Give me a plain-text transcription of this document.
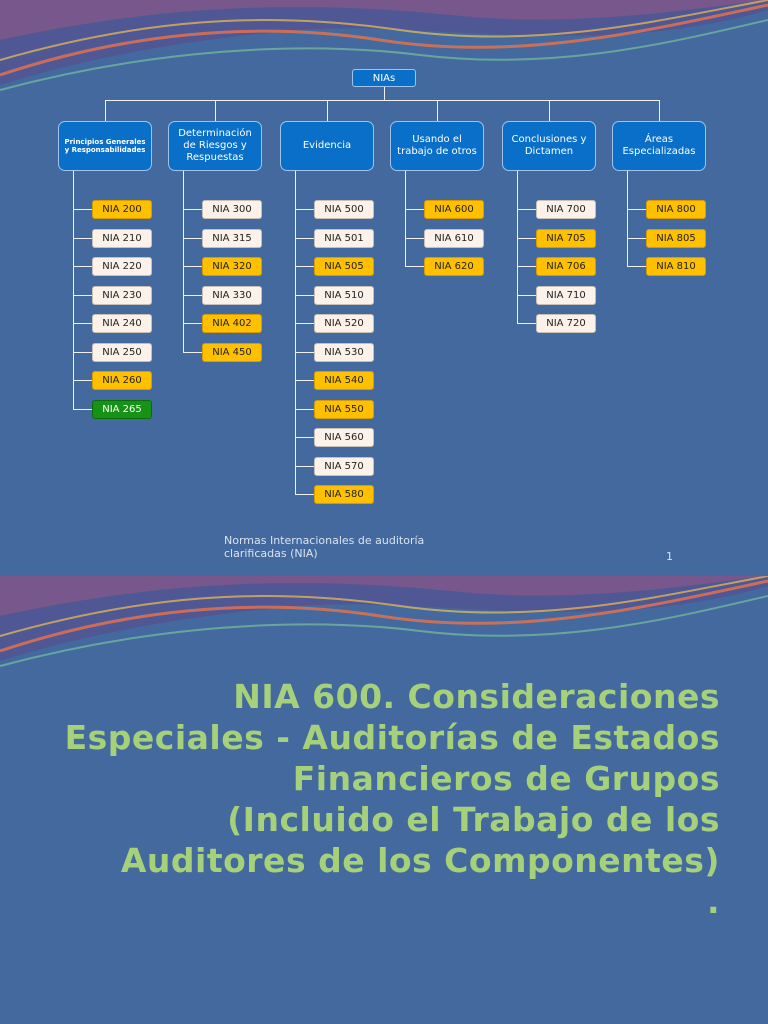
NIAs
Principios Generales y Responsabilidades
NIA 200
NIA 210
NIA 220
NIA 230
NIA 240
NIA 250
NIA 260
NIA 265
Determinación de Riesgos y Respuestas
NIA 300
NIA 315
NIA 320
NIA 330
NIA 402
NIA 450
Evidencia
NIA 500
NIA 501
NIA 505
NIA 510
NIA 520
NIA 530
NIA 540
NIA 550
NIA 560
NIA 570
NIA 580
Usando el trabajo de otros
NIA 600
NIA 610
NIA 620
Conclusiones y Dictamen
NIA 700
NIA 705
NIA 706
NIA 710
NIA 720
Áreas Especializadas
NIA 800
NIA 805
NIA 810
Normas Internacionales de auditoría clarificadas (NIA)	1
NIA 600. Consideraciones
Especiales - Auditorías de Estados
Financieros de Grupos
(Incluido el Trabajo de los
Auditores de los Componentes)
.
